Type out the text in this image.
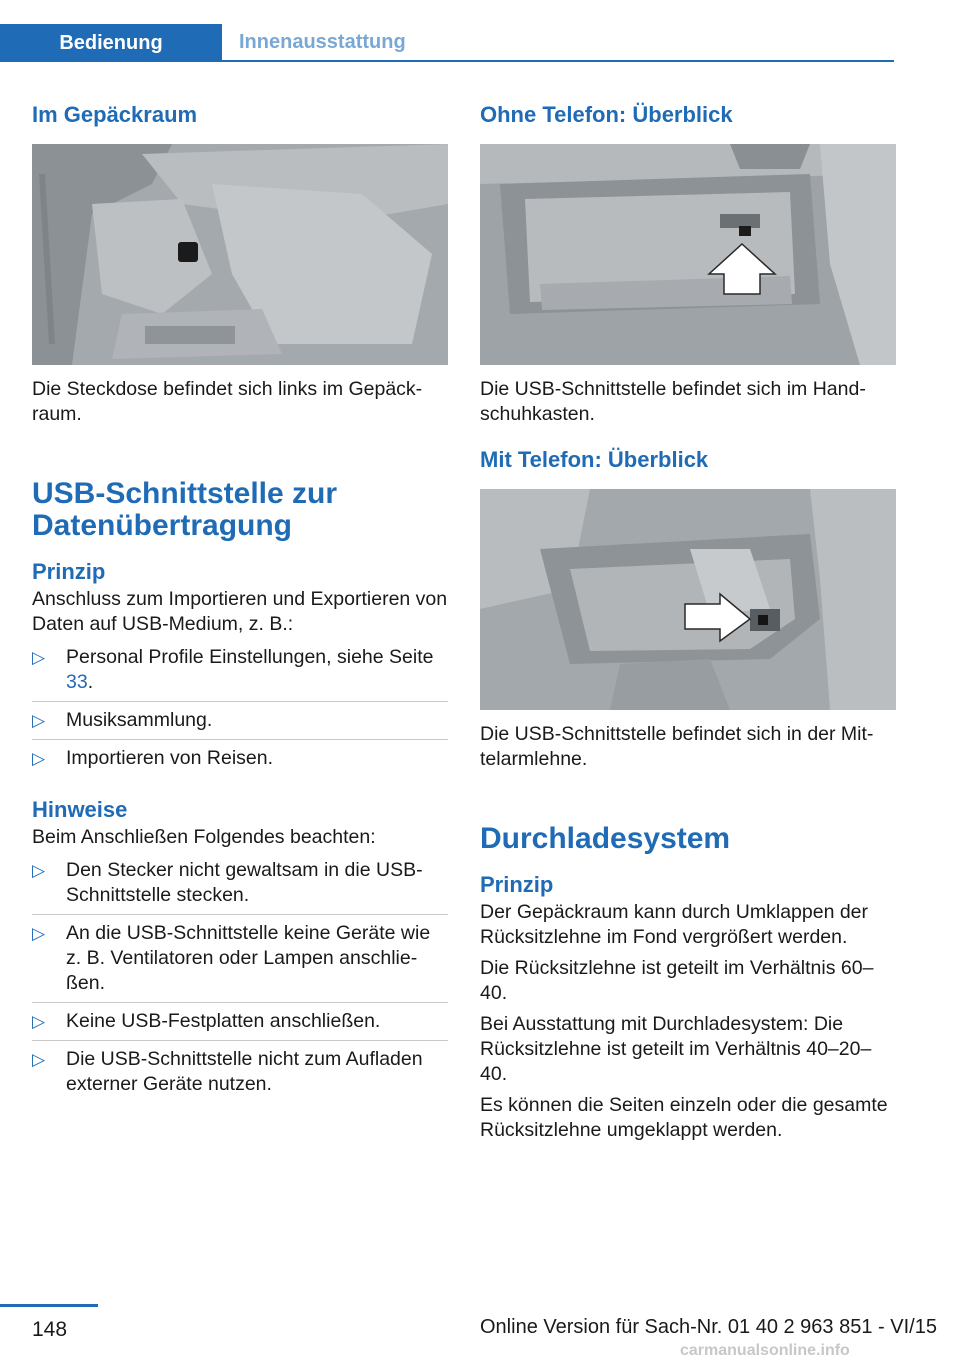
Bedienung	Innenausstattung
Im Gepäckraum

Die Steckdose befindet sich links im Gepäck‐

raum.

USB-Schnittstelle zur
Datenübertragung
Prinzip

Anschluss zum Importieren und Exportieren von Daten auf USB-Medium, z. B.:

▷ Personal Profile Einstellungen, siehe Seite 33.
▷ Musiksammlung.
▷ Importieren von Reisen.
Hinweise

Beim Anschließen Folgendes beachten:

▷ Den Stecker nicht gewaltsam in die USB-Schnittstelle stecken.
▷ An die USB-Schnittstelle keine Geräte wie z. B. Ventilatoren oder Lampen anschlie‐ßen.
▷ Keine USB-Festplatten anschließen.
▷ Die USB-Schnittstelle nicht zum Aufladen externer Geräte nutzen.
Ohne Telefon: Überblick

Die USB-Schnittstelle befindet sich im Hand‐

schuhkasten.

Mit Telefon: Überblick

Die USB-Schnittstelle befindet sich in der Mit‐

telarmlehne.

Durchladesystem
Prinzip

Der Gepäckraum kann durch Umklappen der Rücksitzlehne im Fond vergrößert werden.

Die Rücksitzlehne ist geteilt im Verhältnis 60–40.

Bei Ausstattung mit Durchladesystem: Die Rücksitzlehne ist geteilt im Verhältnis 40–20–40.

Es können die Seiten einzeln oder die gesamte Rücksitzlehne umgeklappt werden.

148	Online Version für Sach-Nr. 01 40 2 963 851 - VI/15
carmanualsonline.info
